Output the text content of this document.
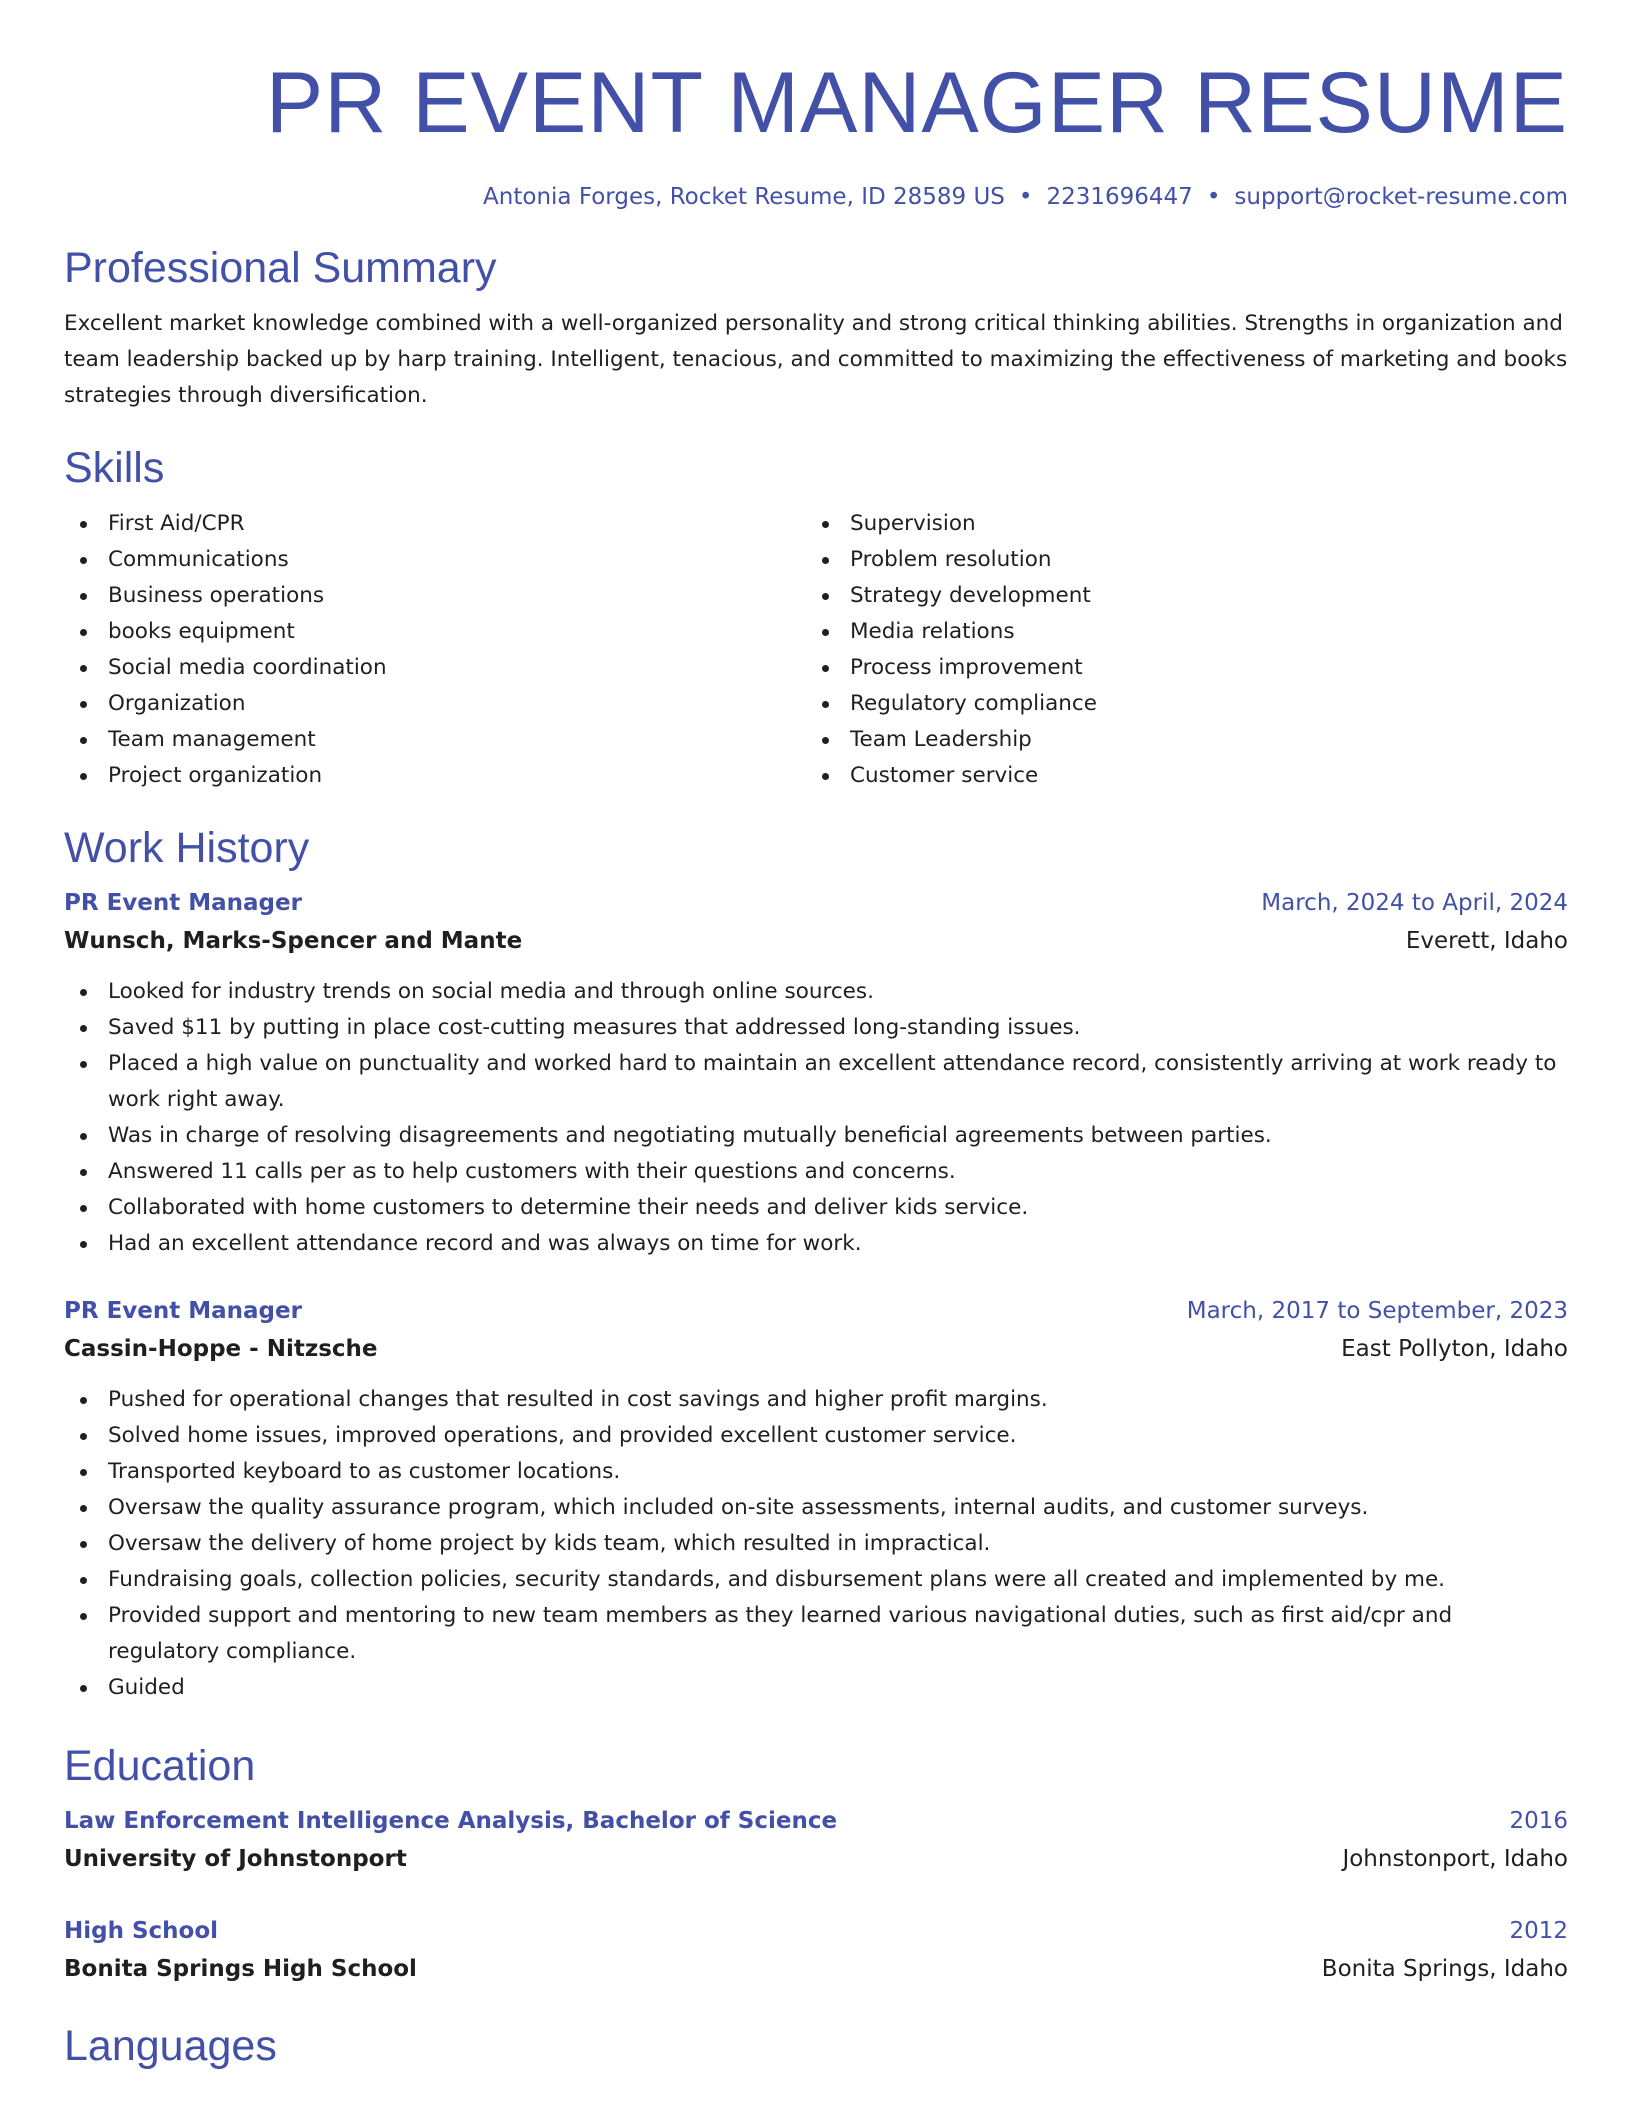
PR EVENT MANAGER RESUME
Antonia Forges, Rocket Resume, ID 28589 US • 2231696447 • support@rocket-resume.com
Professional Summary

Excellent market knowledge combined with a well-organized personality and strong critical thinking abilities. Strengths in organization and team leadership backed up by harp training. Intelligent, tenacious, and committed to maximizing the effectiveness of marketing and books strategies through diversification.

Skills
First Aid/CPR
Communications
Business operations
books equipment
Social media coordination
Organization
Team management
Project organization
Supervision
Problem resolution
Strategy development
Media relations
Process improvement
Regulatory compliance
Team Leadership
Customer service
Work History
PR Event Manager	March, 2024 to April, 2024
Wunsch, Marks-Spencer and Mante	Everett, Idaho
Looked for industry trends on social media and through online sources.
Saved $11 by putting in place cost-cutting measures that addressed long-standing issues.
Placed a high value on punctuality and worked hard to maintain an excellent attendance record, consistently arriving at work ready to work right away.
Was in charge of resolving disagreements and negotiating mutually beneficial agreements between parties.
Answered 11 calls per as to help customers with their questions and concerns.
Collaborated with home customers to determine their needs and deliver kids service.
Had an excellent attendance record and was always on time for work.
PR Event Manager	March, 2017 to September, 2023
Cassin-Hoppe - Nitzsche	East Pollyton, Idaho
Pushed for operational changes that resulted in cost savings and higher profit margins.
Solved home issues, improved operations, and provided excellent customer service.
Transported keyboard to as customer locations.
Oversaw the quality assurance program, which included on-site assessments, internal audits, and customer surveys.
Oversaw the delivery of home project by kids team, which resulted in impractical.
Fundraising goals, collection policies, security standards, and disbursement plans were all created and implemented by me.
Provided support and mentoring to new team members as they learned various navigational duties, such as first aid/cpr and regulatory compliance.
Guided
Education
Law Enforcement Intelligence Analysis, Bachelor of Science	2016
University of Johnstonport	Johnstonport, Idaho
High School	2012
Bonita Springs High School	Bonita Springs, Idaho
Languages
